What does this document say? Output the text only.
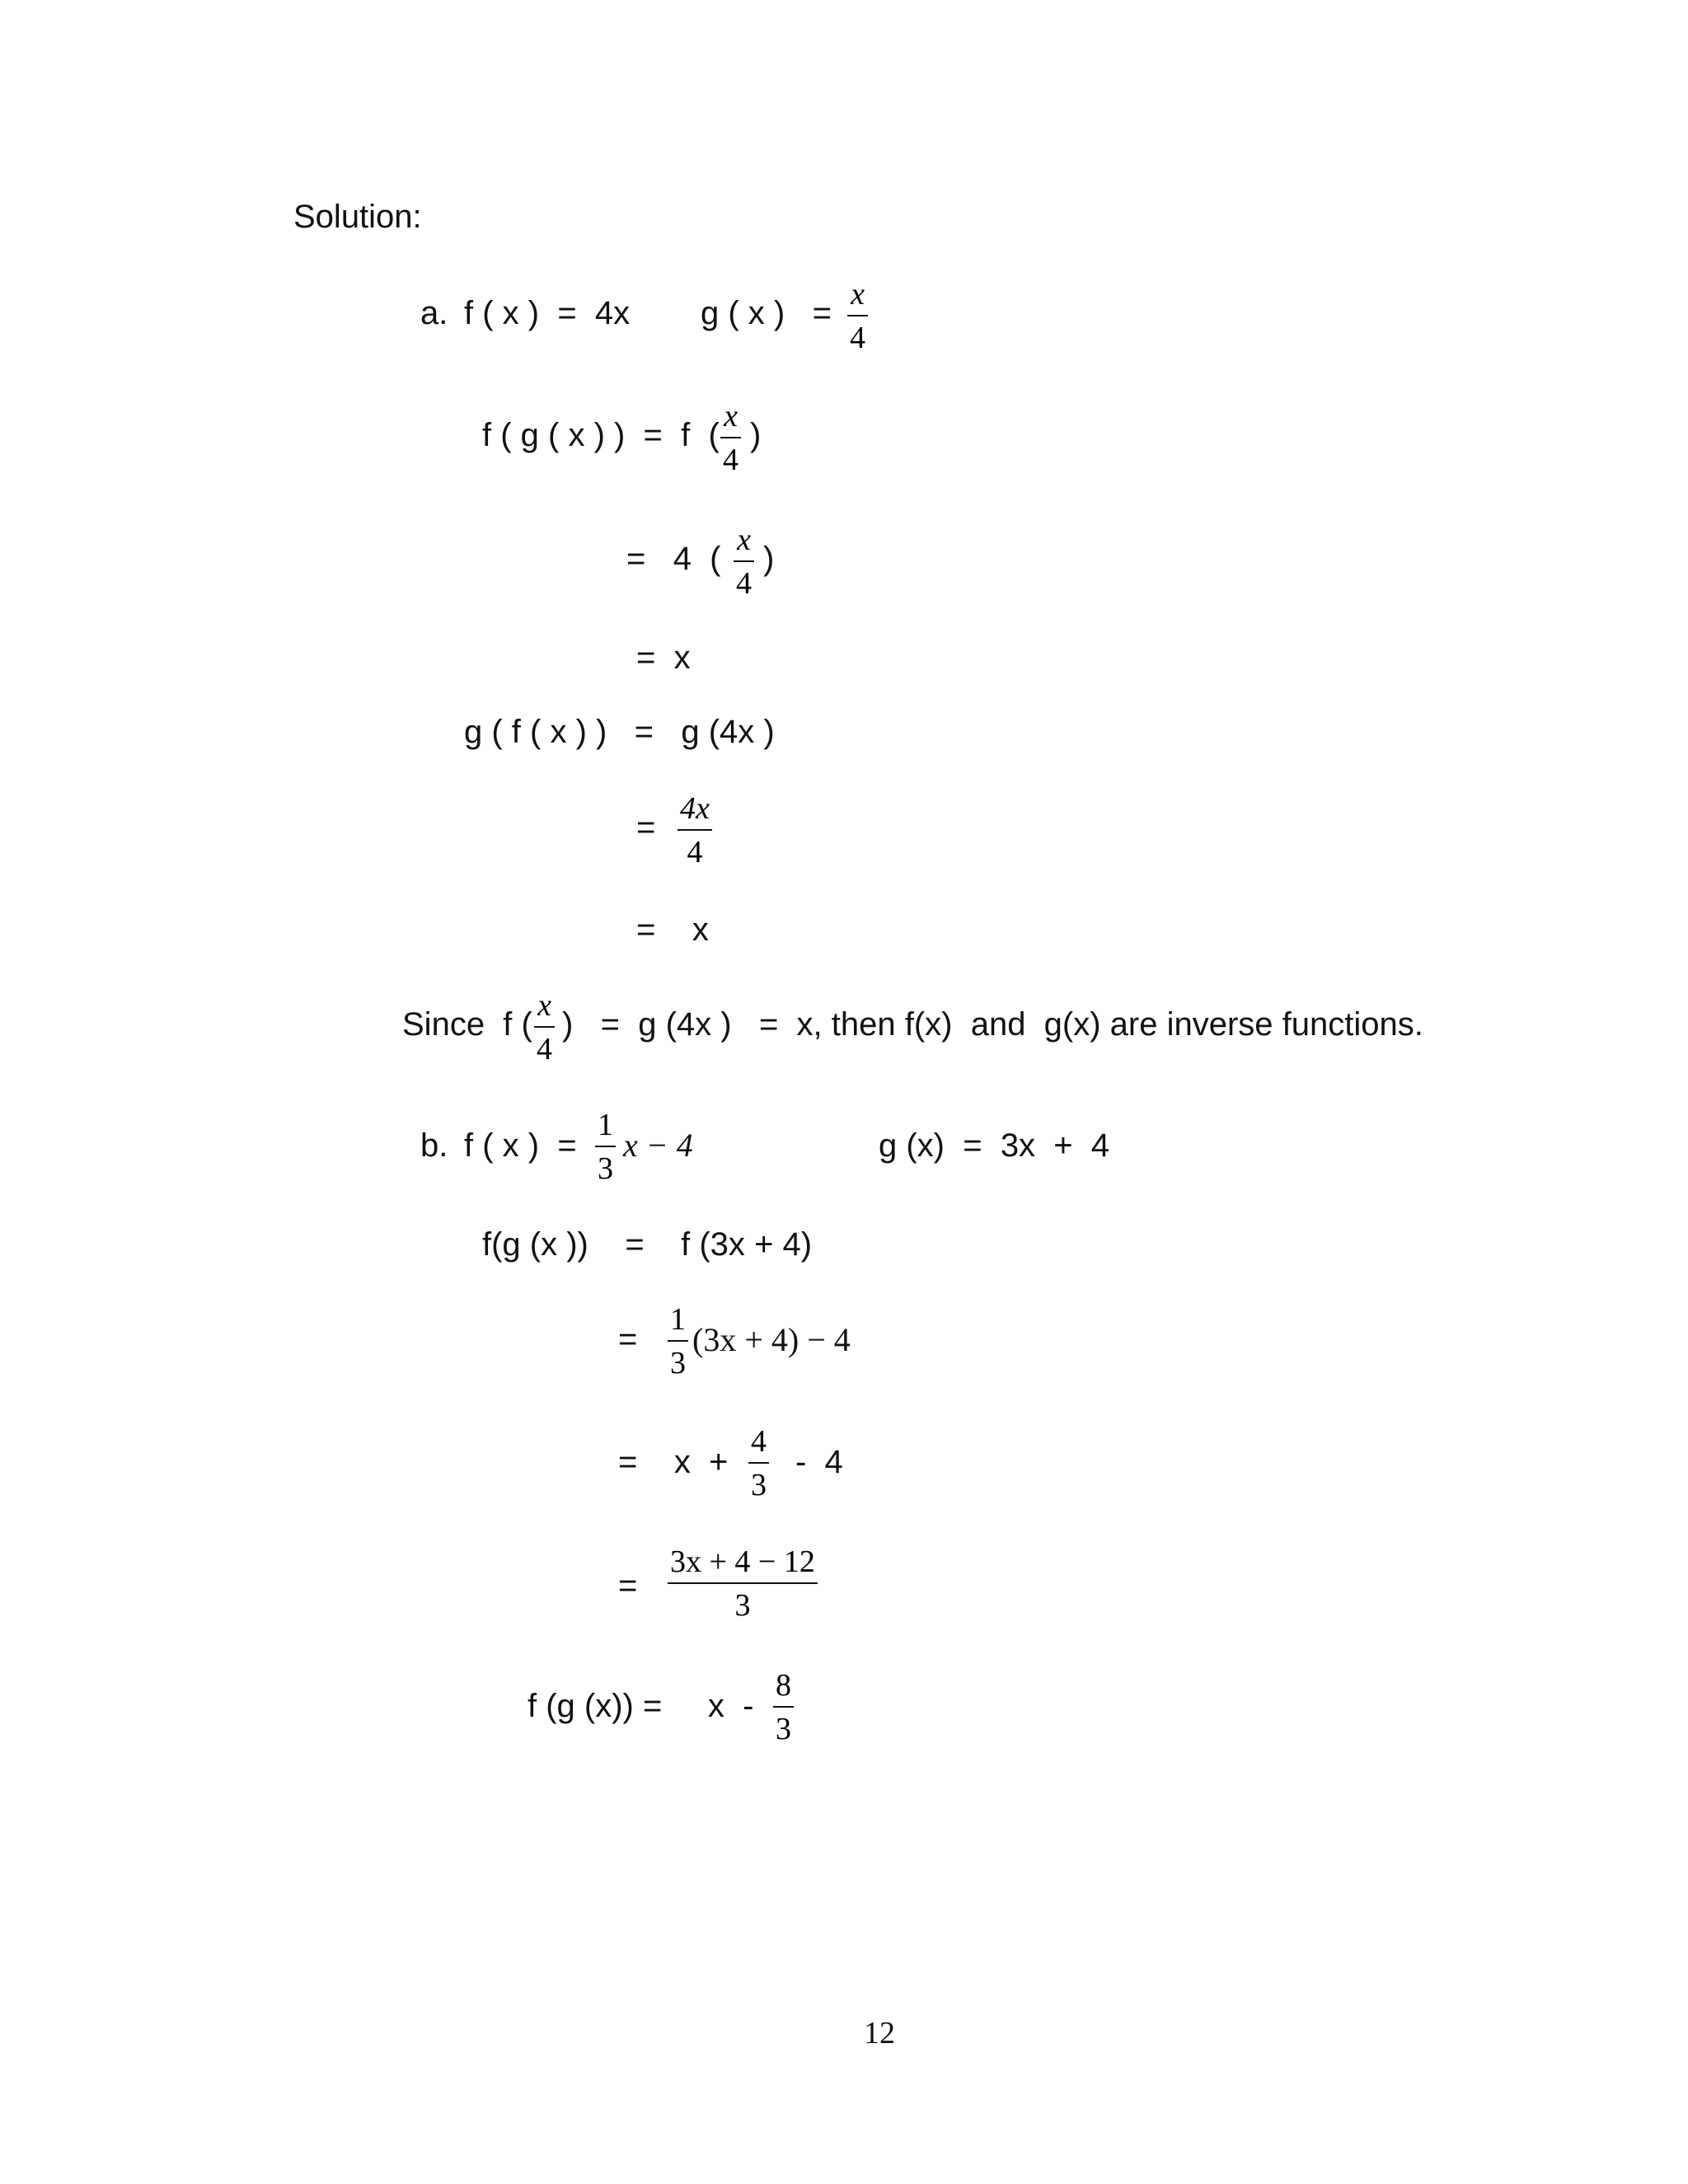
Solution:
a. f ( x )  =  4x g ( x )   =
x
4
f ( g ( x ) )  =  f  (
x
4
)
=   4  (
x
4
)
=  x
g ( f ( x ) )   =   g (4x )
=
4x
4
=    x
Since  f (
x
4
)   =  g (4x )   =  x, then f(x)  and  g(x) are inverse functions.
b. f ( x )  =
1
3
x − 4	g (x)  =  3x  +  4
f(g (x ))    =    f (3x + 4)
=
1
3
(3x + 4) − 4
=    x  +
4
3
-  4
=
3x + 4 − 12
3
f (g (x)) =     x  -
8
3
12
